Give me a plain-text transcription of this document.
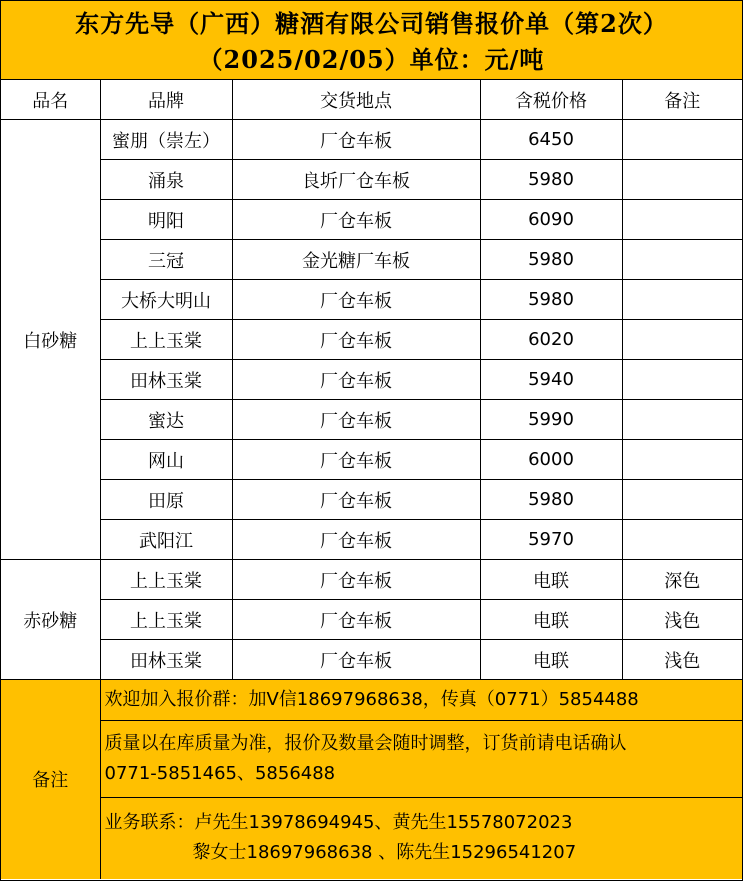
东方先导（广西）糖酒有限公司销售报价单（第2次）
（2025/02/05）单位：元/吨
品名	品牌	交货地点	含税价格	备注
白砂糖	蜜朋（崇左）	厂仓车板	6450	
	涌泉	良圻厂仓车板	5980	
	明阳	厂仓车板	6090	
	三冠	金光糖厂车板	5980	
	大桥大明山	厂仓车板	5980	
	上上玉棠	厂仓车板	6020	
	田林玉棠	厂仓车板	5940	
	蜜达	厂仓车板	5990	
	网山	厂仓车板	6000	
	田原	厂仓车板	5980	
	武阳江	厂仓车板	5970	
赤砂糖	上上玉棠	厂仓车板	电联	深色
	上上玉棠	厂仓车板	电联	浅色
	田林玉棠	厂仓车板	电联	浅色
备注	欢迎加入报价群：加V信18697968638，传真（0771）5854488			
	质量以在库质量为准，报价及数量会随时调整，订货前请电话确认
0771-5851465、5856488			
	业务联系：卢先生13978694945、黄先生15578072023

黎女士18697968638 、陈先生15296541207			
